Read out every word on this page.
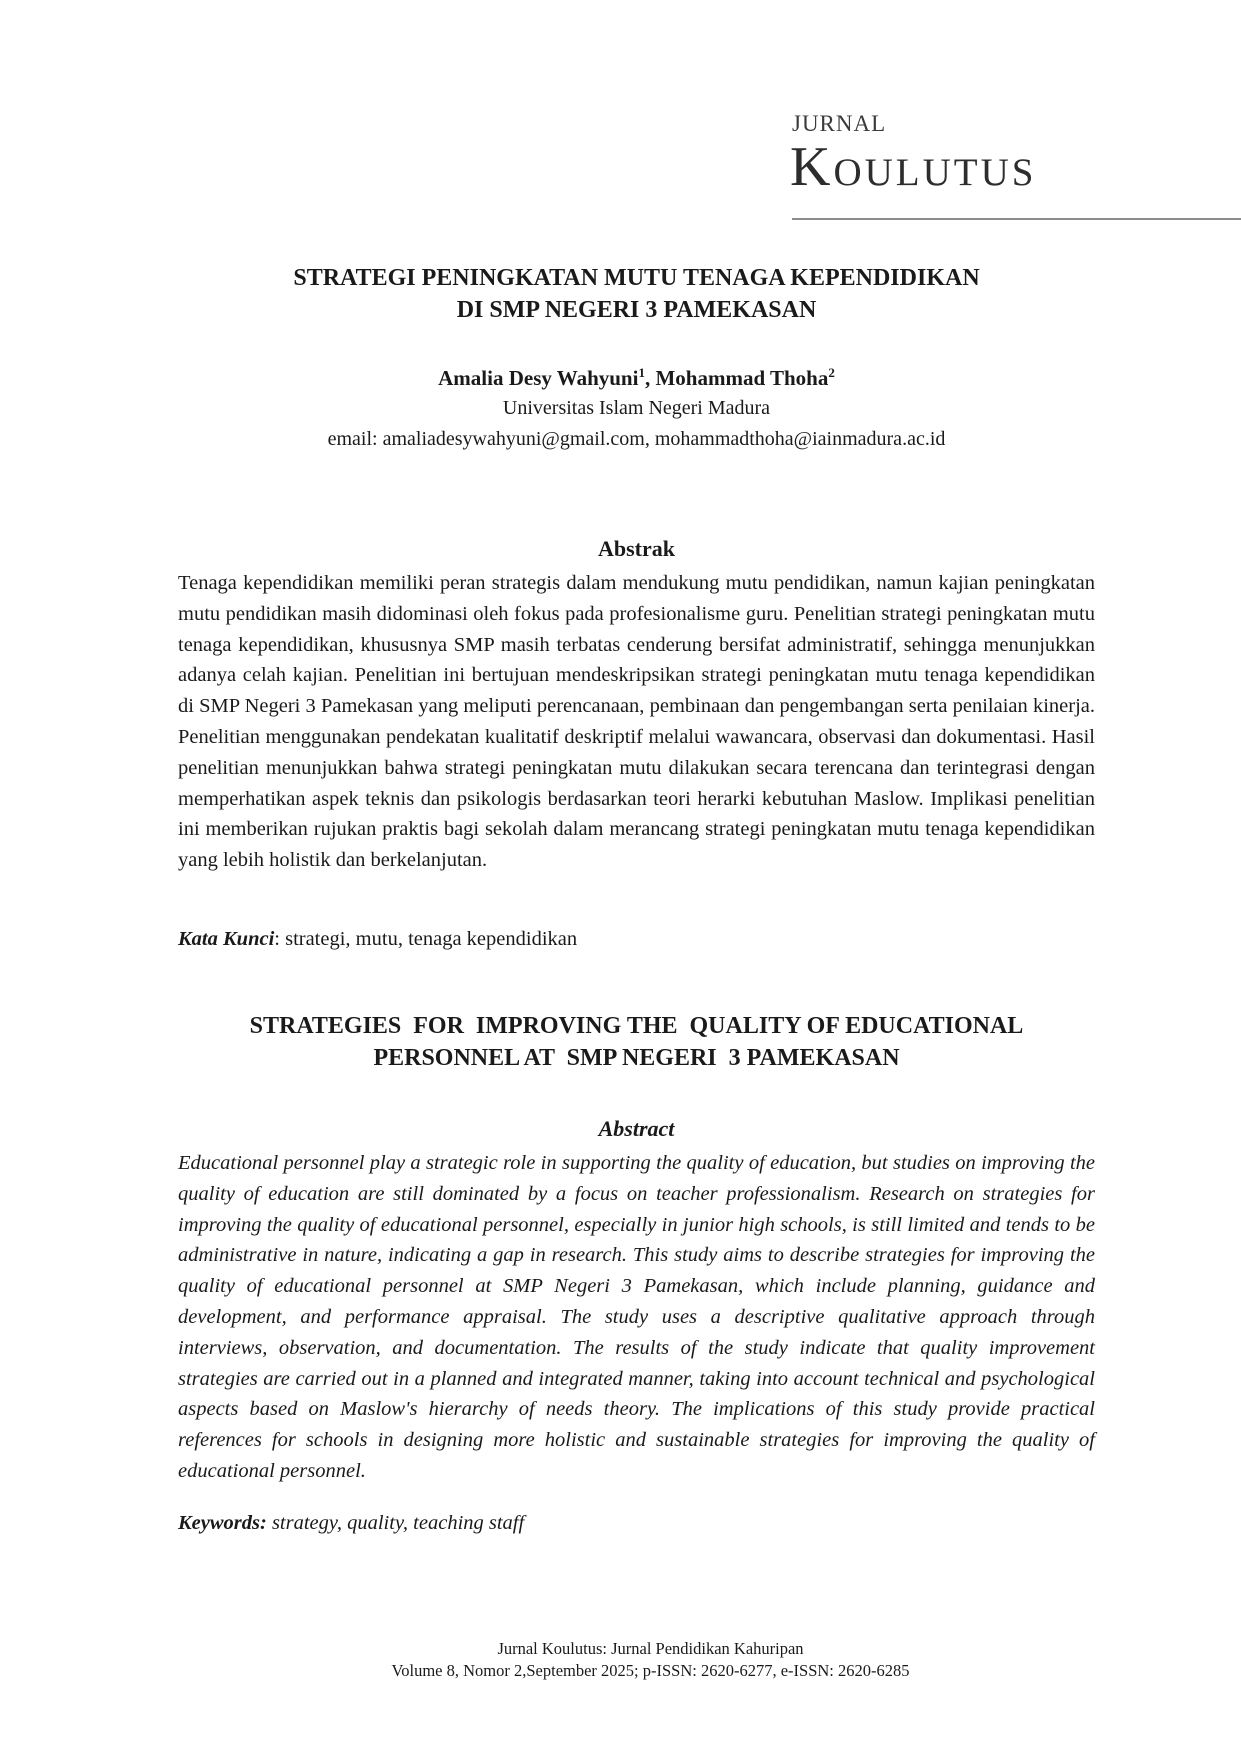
JURNAL
Koulutus
STRATEGI PENINGKATAN MUTU TENAGA KEPENDIDIKAN
DI SMP NEGERI 3 PAMEKASAN
Amalia Desy Wahyuni$^1$, Mohammad Thoha$^2$
Universitas Islam Negeri Madura
email: amaliadesywahyuni@gmail.com, mohammadthoha@iainmadura.ac.id
Abstrak
Tenaga kependidikan memiliki peran strategis dalam mendukung mutu pendidikan, namun kajian peningkatan mutu pendidikan masih didominasi oleh fokus pada profesionalisme guru. Penelitian strategi peningkatan mutu tenaga kependidikan, khususnya SMP masih terbatas cenderung bersifat administratif, sehingga menunjukkan adanya celah kajian. Penelitian ini bertujuan mendeskripsikan strategi peningkatan mutu tenaga kependidikan di SMP Negeri 3 Pamekasan yang meliputi perencanaan, pembinaan dan pengembangan serta penilaian kinerja. Penelitian menggunakan pendekatan kualitatif deskriptif melalui wawancara, observasi dan dokumentasi. Hasil penelitian menunjukkan bahwa strategi peningkatan mutu dilakukan secara terencana dan terintegrasi dengan memperhatikan aspek teknis dan psikologis berdasarkan teori herarki kebutuhan Maslow. Implikasi penelitian ini memberikan rujukan praktis bagi sekolah dalam merancang strategi peningkatan mutu tenaga kependidikan yang lebih holistik dan berkelanjutan.
Kata Kunci: strategi, mutu, tenaga kependidikan
STRATEGIES  FOR  IMPROVING THE  QUALITY OF EDUCATIONAL
PERSONNEL AT  SMP NEGERI  3 PAMEKASAN
Abstract
Educational personnel play a strategic role in supporting the quality of education, but studies on improving the quality of education are still dominated by a focus on teacher professionalism. Research on strategies for improving the quality of educational personnel, especially in junior high schools, is still limited and tends to be administrative in nature, indicating a gap in research. This study aims to describe strategies for improving the quality of educational personnel at SMP Negeri 3 Pamekasan, which include planning, guidance and development, and performance appraisal. The study uses a descriptive qualitative approach through interviews, observation, and documentation. The results of the study indicate that quality improvement strategies are carried out in a planned and integrated manner, taking into account technical and psychological aspects based on Maslow's hierarchy of needs theory. The implications of this study provide practical references for schools in designing more holistic and sustainable strategies for improving the quality of educational personnel.
Keywords: strategy, quality, teaching staff
Jurnal Koulutus: Jurnal Pendidikan Kahuripan
Volume 8, Nomor 2,September 2025; p-ISSN: 2620-6277, e-ISSN: 2620-6285
